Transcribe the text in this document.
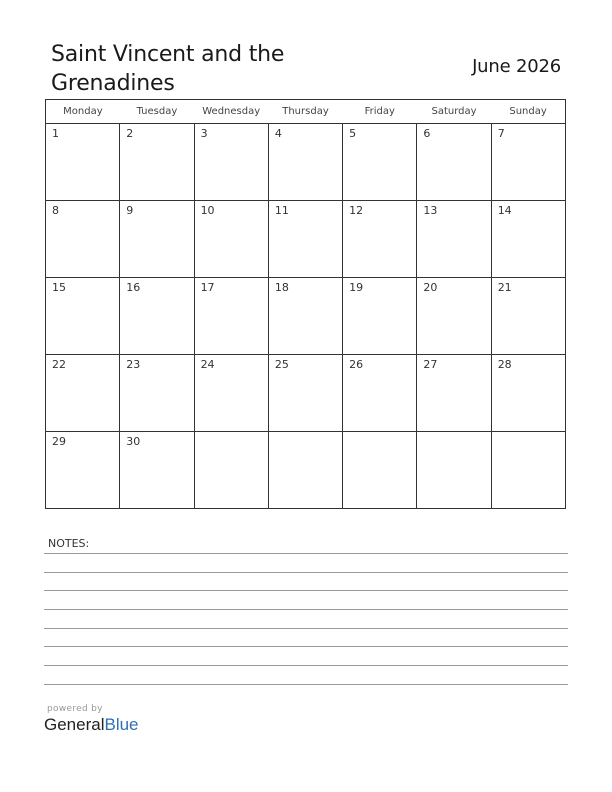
Saint Vincent and the
Grenadines
June 2026
Monday	Tuesday	Wednesday	Thursday	Friday	Saturday	Sunday

1	2	3	4	5	6	7

8	9	10	11	12	13	14

15	16	17	18	19	20	21

22	23	24	25	26	27	28

29	30					

NOTES:
powered by
GeneralBlue
